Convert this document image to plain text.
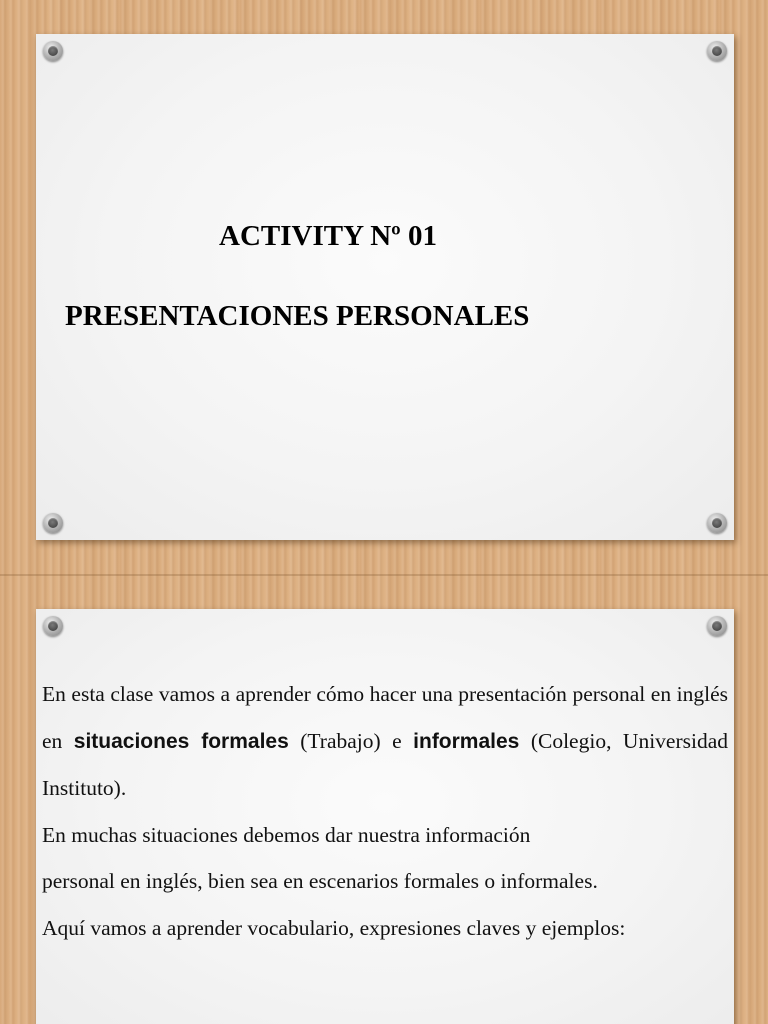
ACTIVITY Nº 01
PRESENTACIONES PERSONALES

En esta clase vamos a aprender cómo hacer una presentación personal en inglés en situaciones formales (Trabajo) e informales (Colegio, Universidad Instituto).

En muchas situaciones debemos dar nuestra información
personal en inglés, bien sea en escenarios formales o informales.

Aquí vamos a aprender vocabulario, expresiones claves y ejemplos:
